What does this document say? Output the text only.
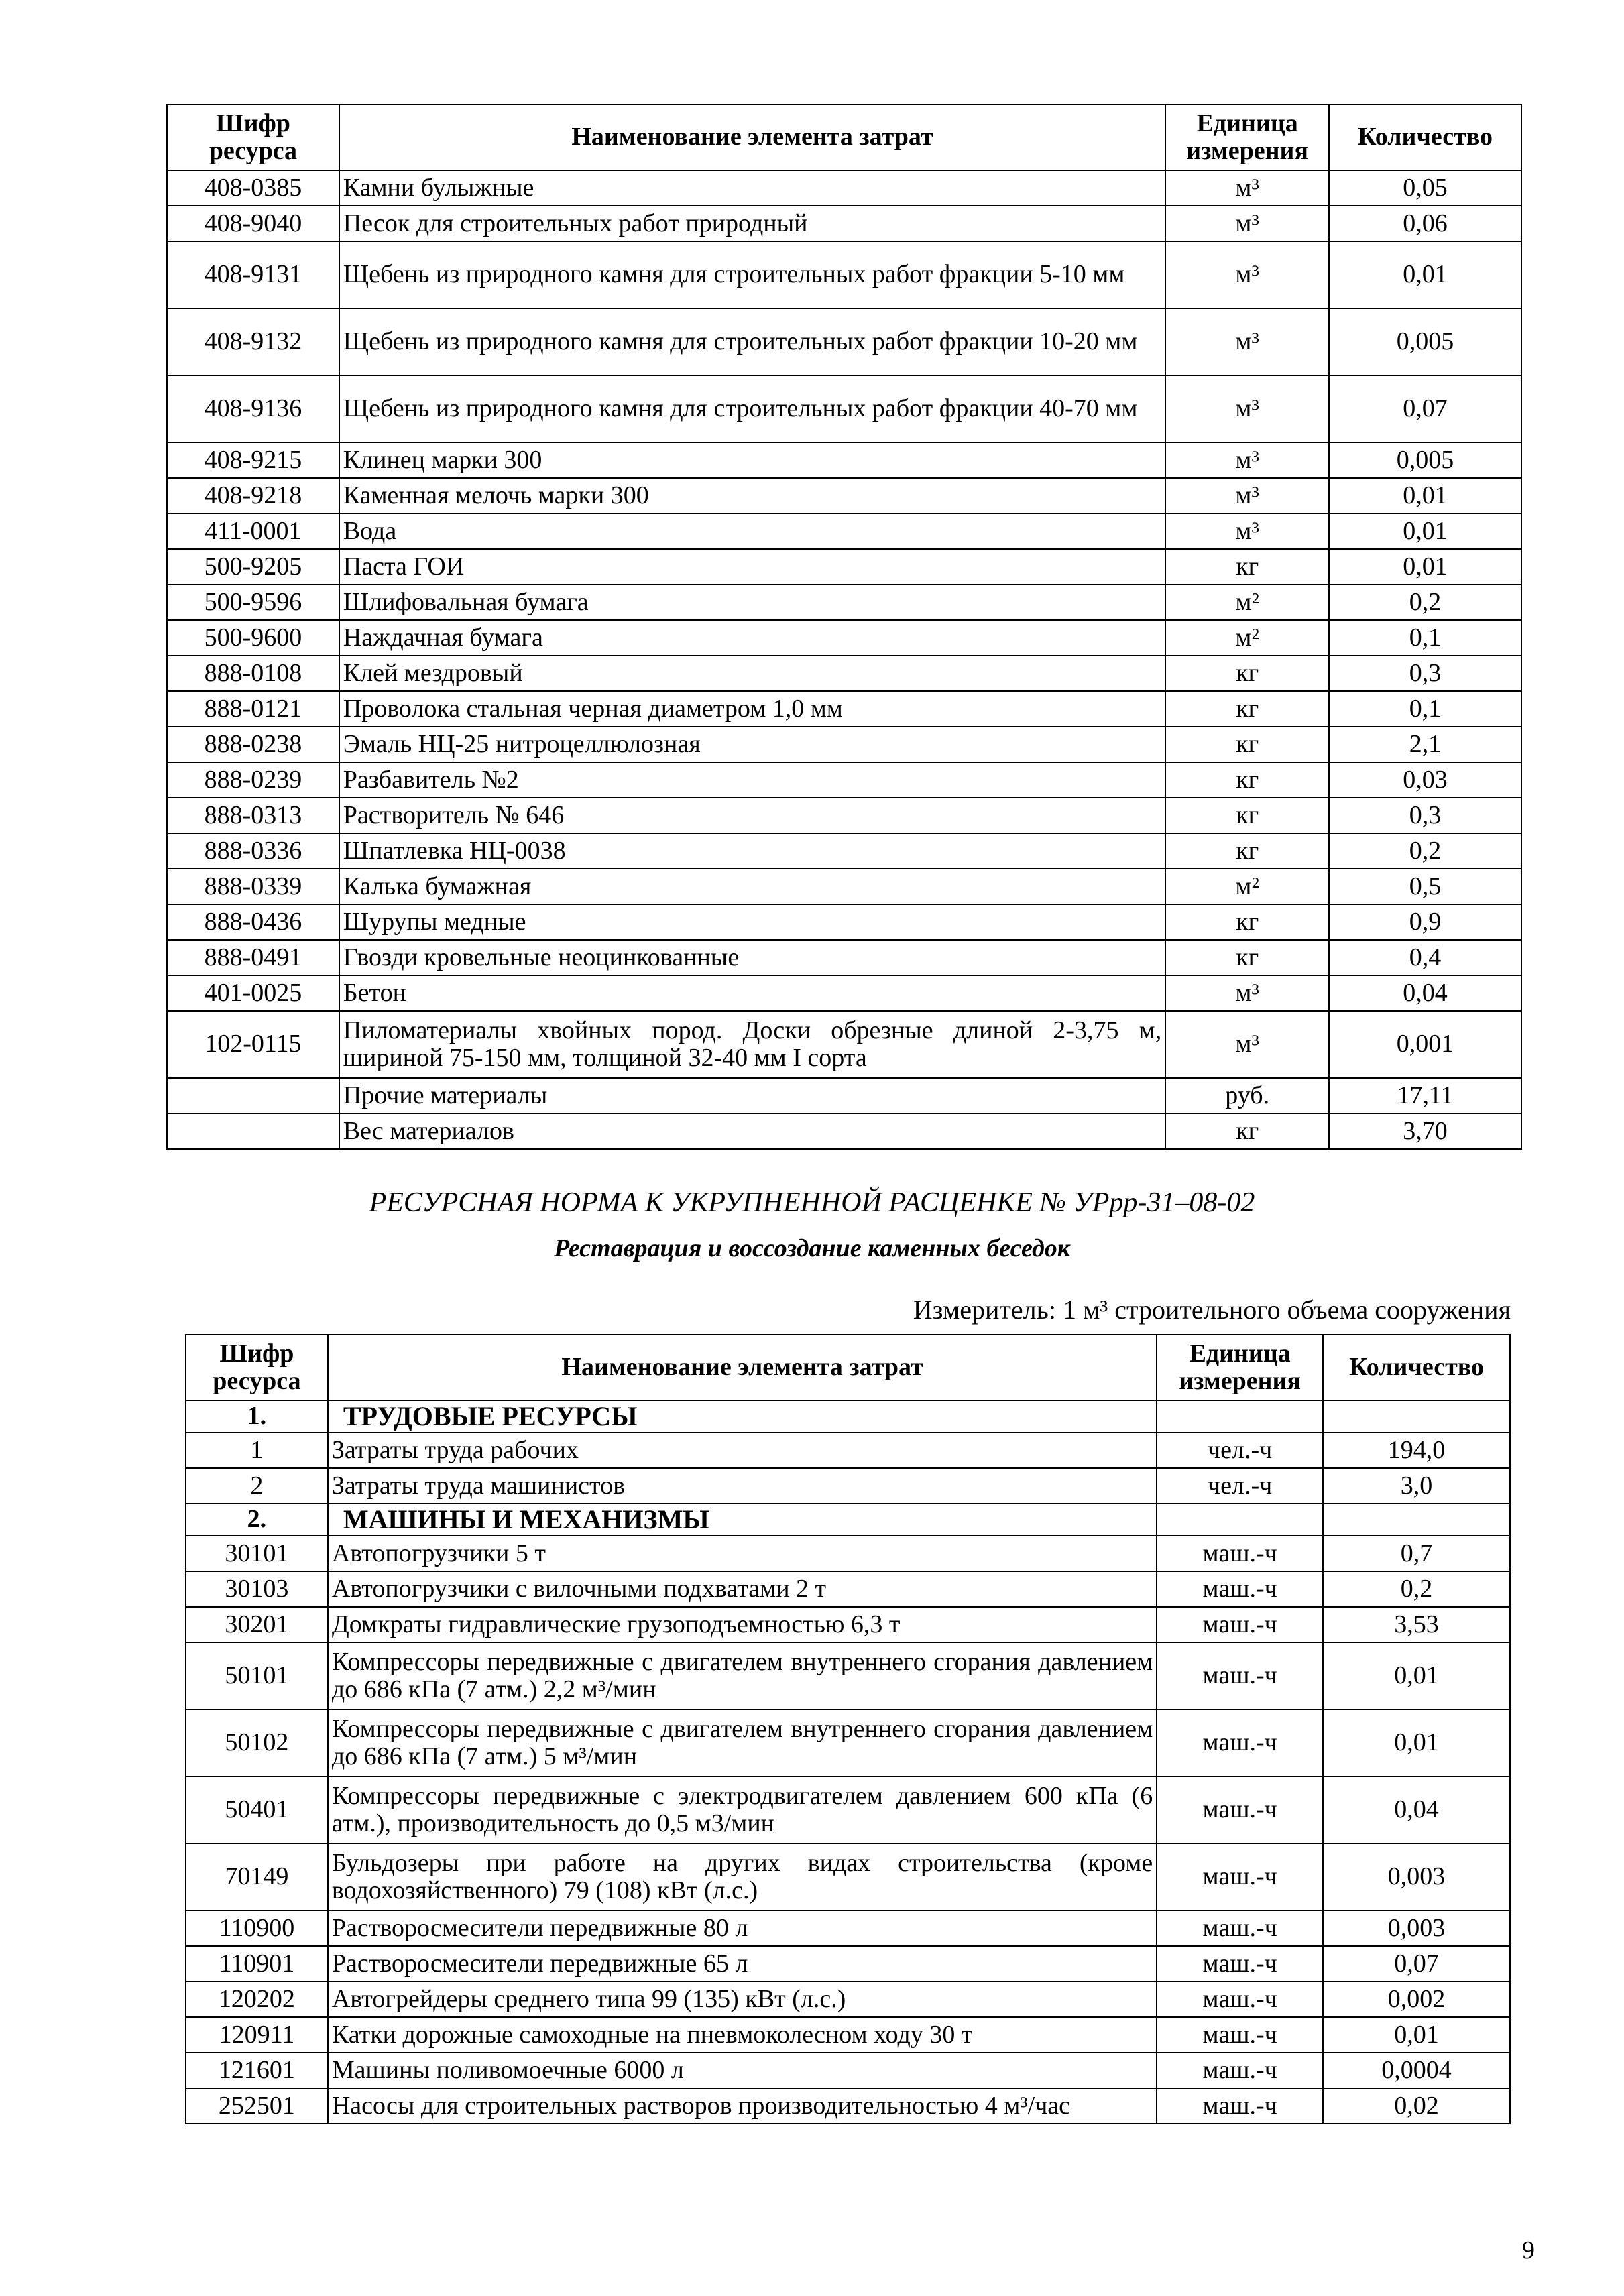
Шифр ресурса	Наименование элемента затрат	Единица измерения	Количество
408-0385	Камни булыжные	м³	0,05
408-9040	Песок для строительных работ природный	м³	0,06
408-9131	Щебень из природного камня для строительных работ фракции 5-10 мм	м³	0,01
408-9132	Щебень из природного камня для строительных работ фракции 10-20 мм	м³	0,005
408-9136	Щебень из природного камня для строительных работ фракции 40-70 мм	м³	0,07
408-9215	Клинец марки 300	м³	0,005
408-9218	Каменная мелочь марки 300	м³	0,01
411-0001	Вода	м³	0,01
500-9205	Паста ГОИ	кг	0,01
500-9596	Шлифовальная бумага	м²	0,2
500-9600	Наждачная бумага	м²	0,1
888-0108	Клей мездровый	кг	0,3
888-0121	Проволока стальная черная диаметром 1,0 мм	кг	0,1
888-0238	Эмаль НЦ-25 нитроцеллюлозная	кг	2,1
888-0239	Разбавитель №2	кг	0,03
888-0313	Растворитель № 646	кг	0,3
888-0336	Шпатлевка НЦ-0038	кг	0,2
888-0339	Калька бумажная	м²	0,5
888-0436	Шурупы медные	кг	0,9
888-0491	Гвозди кровельные неоцинкованные	кг	0,4
401-0025	Бетон	м³	0,04
102-0115	Пиломатериалы хвойных пород. Доски обрезные длиной 2-3,75 м, шириной 75-150 мм, толщиной 32-40 мм I сорта	м³	0,001
	Прочие материалы	руб.	17,11
	Вес материалов	кг	3,70
РЕСУРСНАЯ НОРМА К УКРУПНЕННОЙ РАСЦЕНКЕ № УРрр-31–08-02
Реставрация и воссоздание каменных беседок
Измеритель: 1 м³ строительного объема сооружения
Шифр ресурса	Наименование элемента затрат	Единица измерения	Количество
1.	ТРУДОВЫЕ РЕСУРСЫ		
1	Затраты труда рабочих	чел.-ч	194,0
2	Затраты труда машинистов	чел.-ч	3,0
2.	МАШИНЫ И МЕХАНИЗМЫ		
30101	Автопогрузчики 5 т	маш.-ч	0,7
30103	Автопогрузчики с вилочными подхватами 2 т	маш.-ч	0,2
30201	Домкраты гидравлические грузоподъемностью 6,3 т	маш.-ч	3,53
50101	Компрессоры передвижные с двигателем внутреннего сгорания давлением до 686 кПа (7 атм.) 2,2 м³/мин	маш.-ч	0,01
50102	Компрессоры передвижные с двигателем внутреннего сгорания давлением до 686 кПа (7 атм.) 5 м³/мин	маш.-ч	0,01
50401	Компрессоры передвижные с электродвигателем давлением 600 кПа (6 атм.), производительность до 0,5 м3/мин	маш.-ч	0,04
70149	Бульдозеры при работе на других видах строительства (кроме водохозяйственного) 79 (108) кВт (л.с.)	маш.-ч	0,003
110900	Растворосмесители передвижные 80 л	маш.-ч	0,003
110901	Растворосмесители передвижные 65 л	маш.-ч	0,07
120202	Автогрейдеры среднего типа 99 (135) кВт (л.с.)	маш.-ч	0,002
120911	Катки дорожные самоходные на пневмоколесном ходу 30 т	маш.-ч	0,01
121601	Машины поливомоечные 6000 л	маш.-ч	0,0004
252501	Насосы для строительных растворов производительностью 4 м³/час	маш.-ч	0,02
9
